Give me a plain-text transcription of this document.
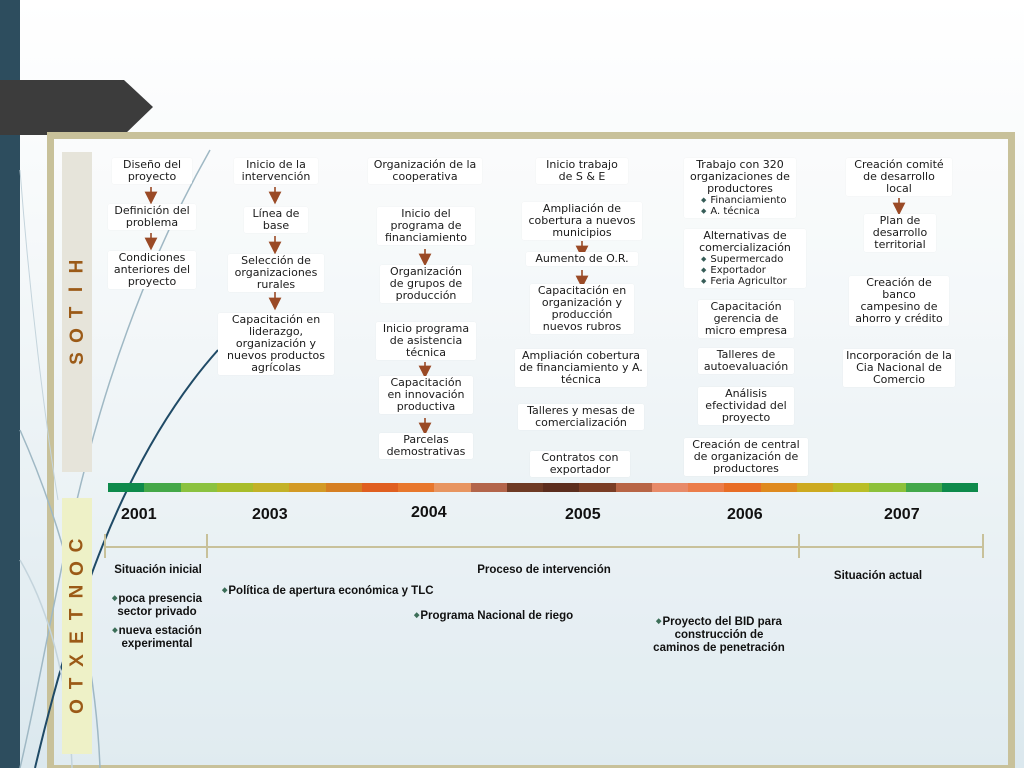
H
I
T
O
S
C
O
N
T
E
X
T
O
Diseño del proyecto
Definición del problema
Condiciones anteriores del proyecto
Inicio de la intervención
Línea de base
Selección de organizaciones rurales
Capacitación en liderazgo, organización y nuevos productos agrícolas
Organización de la cooperativa
Inicio del programa de financiamiento
Organización de grupos de producción
Inicio programa de asistencia técnica
Capacitación en innovación productiva
Parcelas demostrativas
Inicio trabajo de S & E
Ampliación de cobertura a nuevos municipios
Aumento de O.R.
Capacitación en organización y producción nuevos rubros
Ampliación cobertura de financiamiento y A. técnica
Talleres y mesas de comercialización
Contratos con exportador
Trabajo con 320 organizaciones de productores
◆ Financiamiento
◆ A. técnica
Alternativas de comercialización
◆ Supermercado
◆ Exportador
◆ Feria Agricultor
Capacitación gerencia de micro empresa
Talleres de autoevaluación
Análisis efectividad del proyecto
Creación de central de organización de productores
Creación comité de desarrollo local
Plan de desarrollo territorial
Creación de banco campesino de ahorro y crédito
Incorporación de la Cia Nacional de Comercio
2001	2003	2004	2005	2006	2007
Situación inicial	Proceso de intervención	Situación actual
◆ poca presencia sector privado
◆ nueva estación experimental
◆ Política de apertura económica y TLC
◆ Programa Nacional de riego
◆	Proyecto del BID para construcción de caminos de penetración
